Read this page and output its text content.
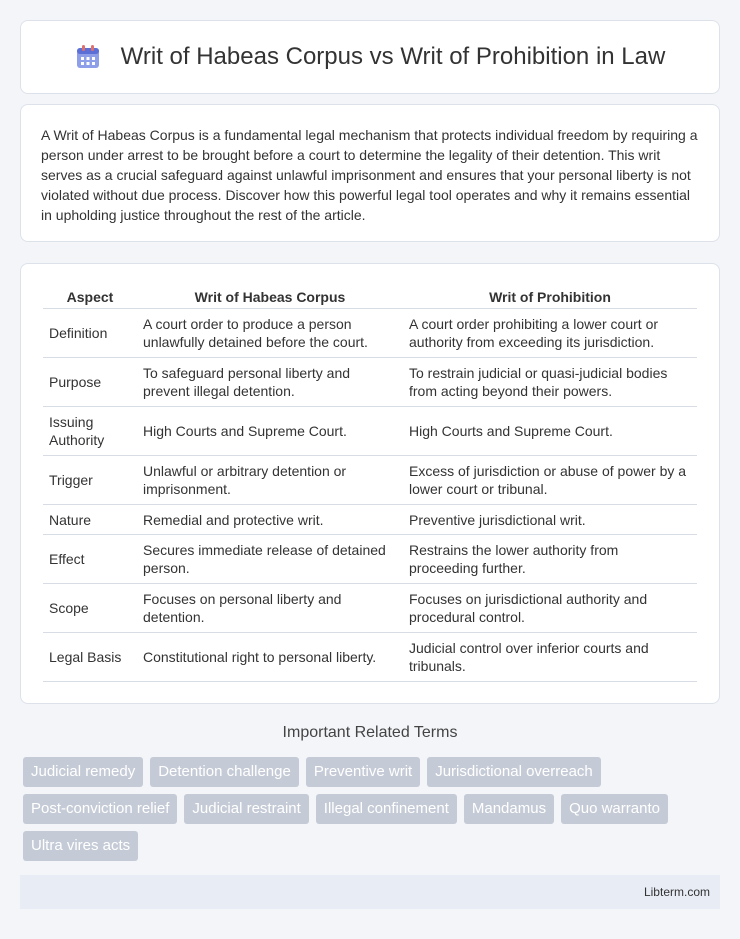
Writ of Habeas Corpus vs Writ of Prohibition in Law

A Writ of Habeas Corpus is a fundamental legal mechanism that protects individual freedom by requiring a person under arrest to be brought before a court to determine the legality of their detention. This writ serves as a crucial safeguard against unlawful imprisonment and ensures that your personal liberty is not violated without due process. Discover how this powerful legal tool operates and why it remains essential in upholding justice throughout the rest of the article.

Aspect	Writ of Habeas Corpus	Writ of Prohibition
Definition	A court order to produce a person unlawfully detained before the court.	A court order prohibiting a lower court or authority from exceeding its jurisdiction.
Purpose	To safeguard personal liberty and prevent illegal detention.	To restrain judicial or quasi-judicial bodies from acting beyond their powers.
Issuing Authority	High Courts and Supreme Court.	High Courts and Supreme Court.
Trigger	Unlawful or arbitrary detention or imprisonment.	Excess of jurisdiction or abuse of power by a lower court or tribunal.
Nature	Remedial and protective writ.	Preventive jurisdictional writ.
Effect	Secures immediate release of detained person.	Restrains the lower authority from proceeding further.
Scope	Focuses on personal liberty and detention.	Focuses on jurisdictional authority and procedural control.
Legal Basis	Constitutional right to personal liberty.	Judicial control over inferior courts and tribunals.
Important Related Terms
Judicial remedy	Detention challenge	Preventive writ	Jurisdictional overreach
Post-conviction relief	Judicial restraint	Illegal confinement	Mandamus	Quo warranto
Ultra vires acts
Libterm.com
